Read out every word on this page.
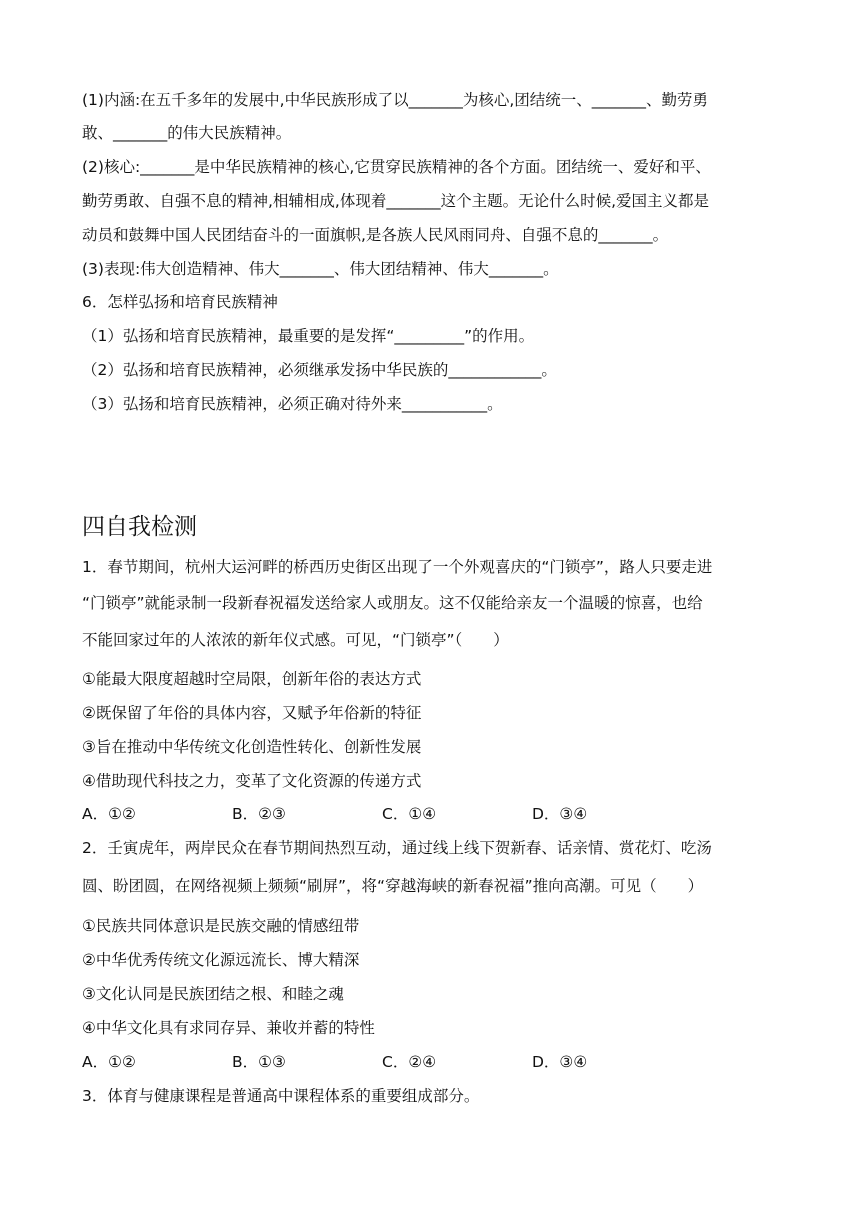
(1)内涵:在五千多年的发展中,中华民族形成了以_______为核心,团结统一、_______、勤劳勇
敢、_______的伟大民族精神。
(2)核心:_______是中华民族精神的核心,它贯穿民族精神的各个方面。团结统一、爱好和平、
勤劳勇敢、自强不息的精神,相辅相成,体现着_______这个主题。无论什么时候,爱国主义都是
动员和鼓舞中国人民团结奋斗的一面旗帜,是各族人民风雨同舟、自强不息的_______。
(3)表现:伟大创造精神、伟大_______、伟大团结精神、伟大_______。
6．怎样弘扬和培育民族精神
（1）弘扬和培育民族精神，最重要的是发挥“_________”的作用。
（2）弘扬和培育民族精神，必须继承发扬中华民族的____________。
（3）弘扬和培育民族精神，必须正确对待外来___________。
四自我检测
1．春节期间，杭州大运河畔的桥西历史街区出现了一个外观喜庆的“门锁亭”，路人只要走进
“门锁亭”就能录制一段新春祝福发送给家人或朋友。这不仅能给亲友一个温暖的惊喜，也给
不能回家过年的人浓浓的新年仪式感。可见，“门锁亭”（　　）
①能最大限度超越时空局限，创新年俗的表达方式
②既保留了年俗的具体内容，又赋予年俗新的特征
③旨在推动中华传统文化创造性转化、创新性发展
④借助现代科技之力，变革了文化资源的传递方式
A．①②	B．②③	C．①④	D．③④
2．壬寅虎年，两岸民众在春节期间热烈互动，通过线上线下贺新春、话亲情、赏花灯、吃汤
圆、盼团圆，在网络视频上频频“刷屏”，将“穿越海峡的新春祝福”推向高潮。可见（　　）
①民族共同体意识是民族交融的情感纽带
②中华优秀传统文化源远流长、博大精深
③文化认同是民族团结之根、和睦之魂
④中华文化具有求同存异、兼收并蓄的特性
A．①②	B．①③	C．②④	D．③④
3．体育与健康课程是普通高中课程体系的重要组成部分。
